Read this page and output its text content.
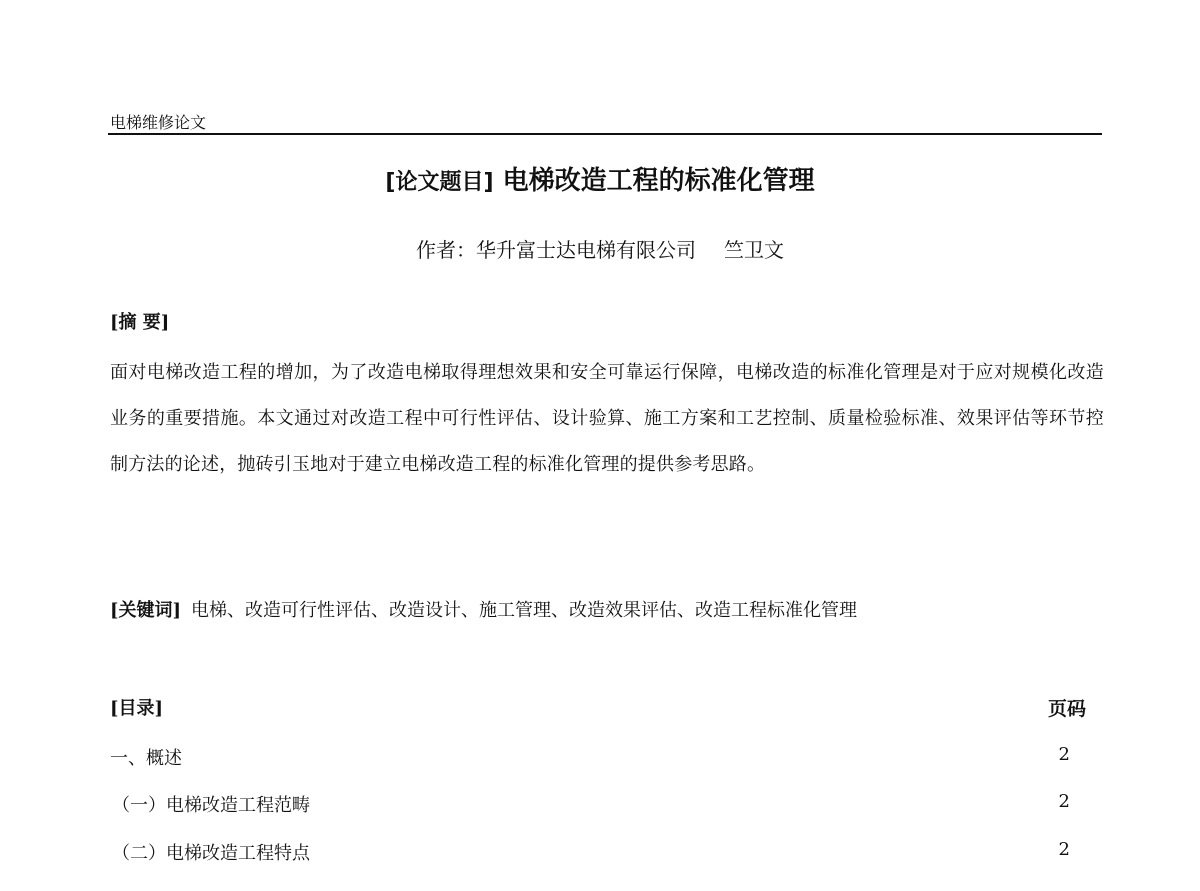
电梯维修论文
[论文题目] 电梯改造工程的标准化管理
作者：华升富士达电梯有限公司 竺卫文
[摘 要]
面对电梯改造工程的增加，为了改造电梯取得理想效果和安全可靠运行保障，电梯改造的标准化管理是对于应对规模化改造业务的重要措施。本文通过对改造工程中可行性评估、设计验算、施工方案和工艺控制、质量检验标准、效果评估等环节控制方法的论述，抛砖引玉地对于建立电梯改造工程的标准化管理的提供参考思路。
[关键词] 电梯、改造可行性评估、改造设计、施工管理、改造效果评估、改造工程标准化管理
[目录]	页码
一、概述	2
（一）电梯改造工程范畴	2
（二）电梯改造工程特点	2
